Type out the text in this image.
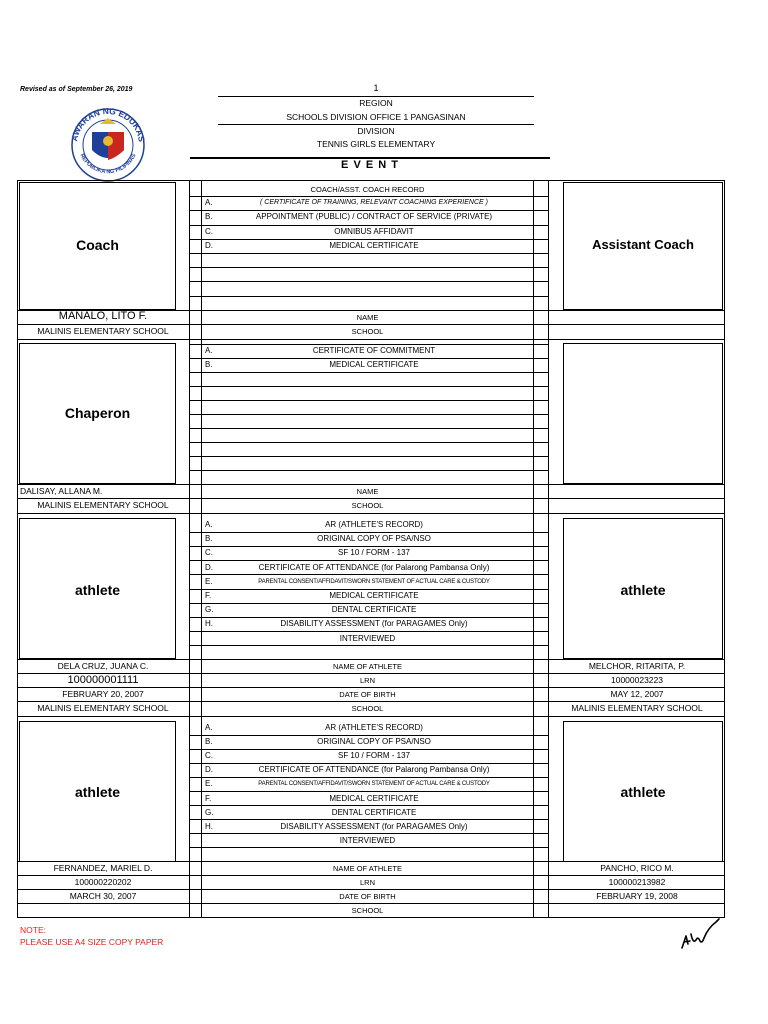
Revised as of September 26, 2019
AWARAN NG EDUKAS
REPUBLIKA NG PILIPINAS
1
REGION
SCHOOLS DIVISION OFFICE 1 PANGASINAN
DIVISION
TENNIS GIRLS ELEMENTARY
E V E N T
Coach	Assistant Coach
COACH/ASST. COACH RECORD
A.	( CERTIFICATE OF TRAINING, RELEVANT COACHING EXPERIENCE )
B.	APPOINTMENT (PUBLIC) / CONTRACT OF SERVICE (PRIVATE)
C.	OMNIBUS AFFIDAVIT
D.	MEDICAL CERTIFICATE
MANALO, LITO F.	NAME
MALINIS ELEMENTARY SCHOOL	SCHOOL
Chaperon
A.	CERTIFICATE OF COMMITMENT
B.	MEDICAL CERTIFICATE
DALISAY, ALLANA M.	NAME
MALINIS ELEMENTARY SCHOOL	SCHOOL
athlete	athlete
A.	AR (ATHLETE'S RECORD)
B.	ORIGINAL COPY OF PSA/NSO
C.	SF 10 / FORM - 137
D.	CERTIFICATE OF ATTENDANCE (for Palarong Pambansa Only)
E.	PARENTAL CONSENT/AFFIDAVIT/SWORN STATEMENT OF ACTUAL CARE & CUSTODY
F.	MEDICAL CERTIFICATE
G.	DENTAL CERTIFICATE
H.	DISABILITY ASSESSMENT (for PARAGAMES Only)
INTERVIEWED
DELA CRUZ, JUANA C.	NAME OF ATHLETE	MELCHOR, RITARITA, P.
100000001111	LRN	10000023223
FEBRUARY 20, 2007	DATE OF BIRTH	MAY 12, 2007
MALINIS ELEMENTARY SCHOOL	SCHOOL	MALINIS ELEMENTARY SCHOOL
athlete	athlete
A.	AR (ATHLETE'S RECORD)
B.	ORIGINAL COPY OF PSA/NSO
C.	SF 10 / FORM - 137
D.	CERTIFICATE OF ATTENDANCE (for Palarong Pambansa Only)
E.	PARENTAL CONSENT/AFFIDAVIT/SWORN STATEMENT OF ACTUAL CARE & CUSTODY
F.	MEDICAL CERTIFICATE
G.	DENTAL CERTIFICATE
H.	DISABILITY ASSESSMENT (for PARAGAMES Only)
INTERVIEWED
FERNANDEZ, MARIEL D.	NAME OF ATHLETE	PANCHO, RICO M.
100000220202	LRN	100000213982
MARCH 30, 2007	DATE OF BIRTH	FEBRUARY 19, 2008
SCHOOL
NOTE:
PLEASE USE A4 SIZE COPY PAPER
